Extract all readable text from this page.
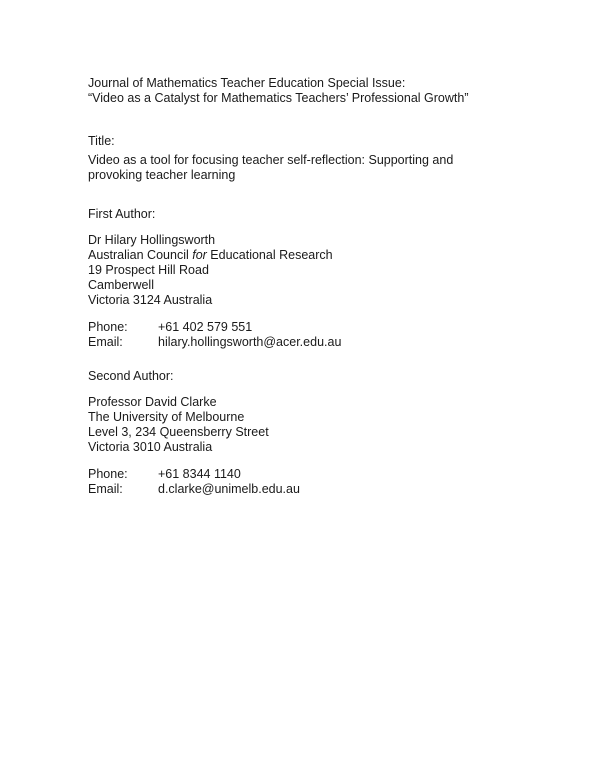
Journal of Mathematics Teacher Education Special Issue:
“Video as a Catalyst for Mathematics Teachers’ Professional Growth”
Title:
Video as a tool for focusing teacher self-reflection: Supporting and provoking teacher learning
First Author:
Dr Hilary Hollingsworth
Australian Council for Educational Research
19 Prospect Hill Road
Camberwell
Victoria 3124 Australia
Phone:	+61 402 579 551
Email:	hilary.hollingsworth@acer.edu.au
Second Author:
Professor David Clarke
The University of Melbourne
Level 3, 234 Queensberry Street
Victoria 3010 Australia
Phone:	+61 8344 1140
Email:	d.clarke@unimelb.edu.au
